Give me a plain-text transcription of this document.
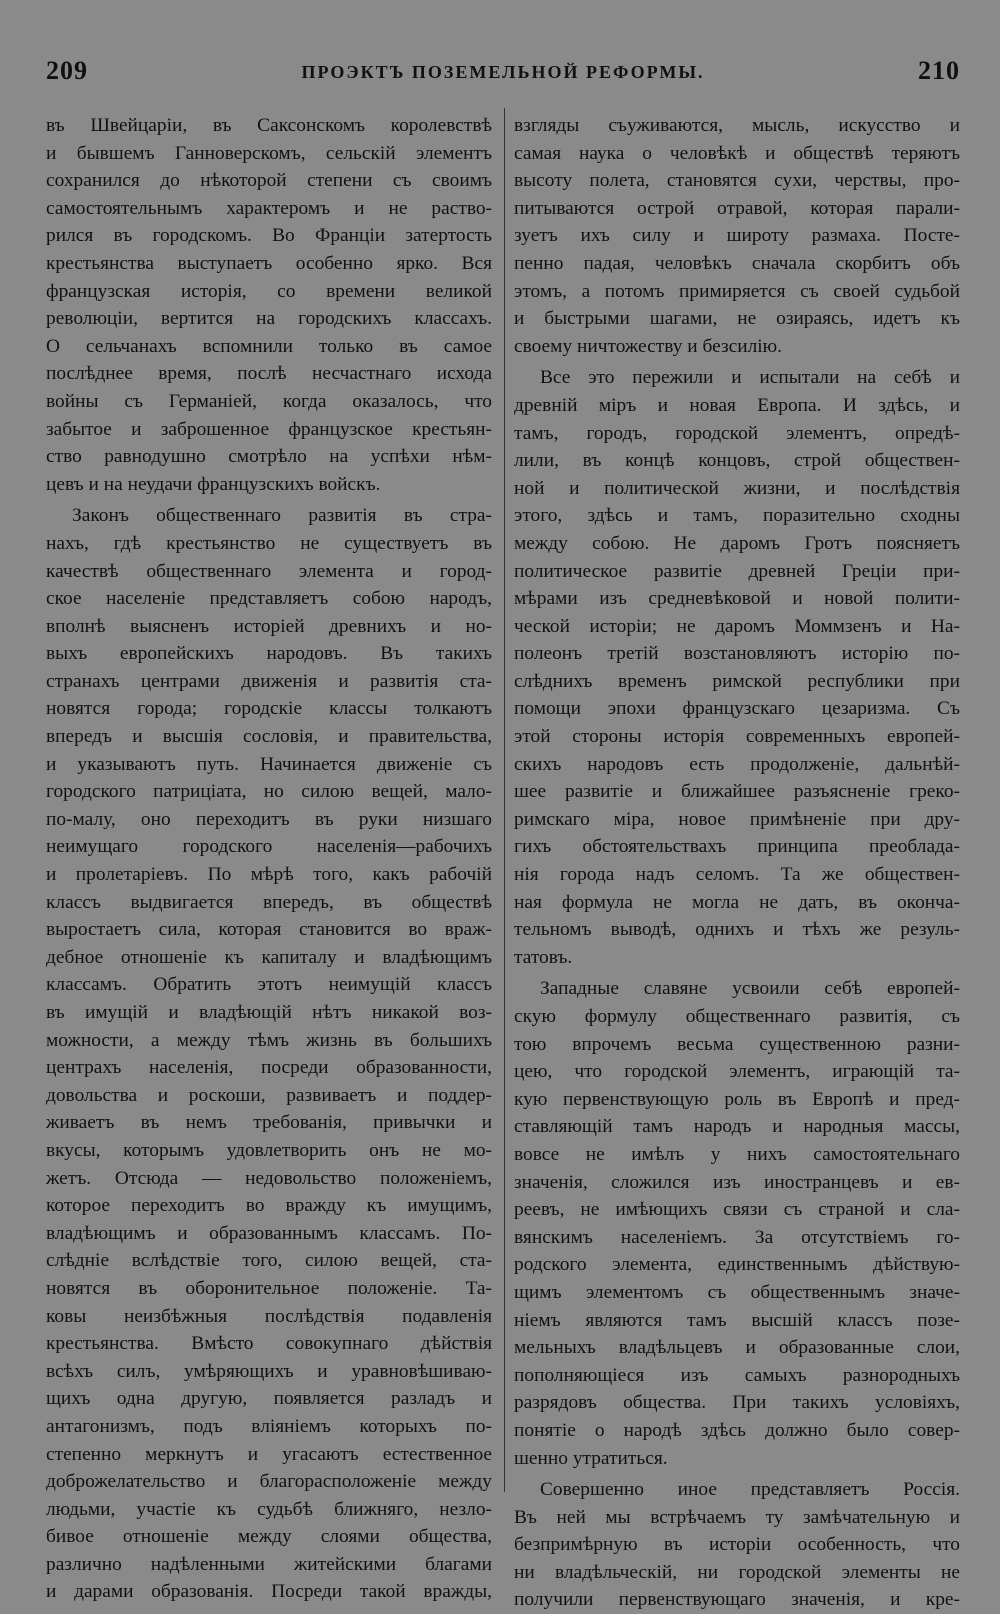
209	ПРОЭКТЪ ПОЗЕМЕЛЬНОЙ РЕФОРМЫ.	210

въ Швейцаріи, въ Саксонскомъ королевствѣ

и бывшемъ Ганноверскомъ, сельскій элементъ

сохранился до нѣкоторой степени съ своимъ

самостоятельнымъ характеромъ и не раство-

рился въ городскомъ. Во Франціи затертость

крестьянства выступаетъ особенно ярко. Вся

французская исторія, со времени великой

революціи, вертится на городскихъ классахъ.

О сельчанахъ вспомнили только въ самое

послѣднее время, послѣ несчастнаго исхода

войны съ Германіей, когда оказалось, что

забытое и заброшенное французское крестьян-

ство равнодушно смотрѣло на успѣхи нѣм-

цевъ и на неудачи французскихъ войскъ.

Законъ общественнаго развитія въ стра-

нахъ, гдѣ крестьянство не существуетъ въ

качествѣ общественнаго элемента и город-

ское населеніе представляетъ собою народъ,

вполнѣ выясненъ исторіей древнихъ и но-

выхъ европейскихъ народовъ. Въ такихъ

странахъ центрами движенія и развитія ста-

новятся города; городскіе классы толкаютъ

впередъ и высшія сословія, и правительства,

и указываютъ путь. Начинается движеніе съ

городского патриціата, но силою вещей, мало-

по-малу, оно переходитъ въ руки низшаго

неимущаго городского населенія—рабочихъ

и пролетаріевъ. По мѣрѣ того, какъ рабочій

классъ выдвигается впередъ, въ обществѣ

выростаетъ сила, которая становится во враж-

дебное отношеніе къ капиталу и владѣющимъ

классамъ. Обратить этотъ неимущій классъ

въ имущій и владѣющій нѣтъ никакой воз-

можности, а между тѣмъ жизнь въ большихъ

центрахъ населенія, посреди образованности,

довольства и роскоши, развиваетъ и поддер-

живаетъ въ немъ требованія, привычки и

вкусы, которымъ удовлетворить онъ не мо-

жетъ. Отсюда — недовольство положеніемъ,

которое переходитъ во вражду къ имущимъ,

владѣющимъ и образованнымъ классамъ. По-

слѣдніе вслѣдствіе того, силою вещей, ста-

новятся въ оборонительное положеніе. Та-

ковы неизбѣжныя послѣдствія подавленія

крестьянства. Вмѣсто совокупнаго дѣйствія

всѣхъ силъ, умѣряющихъ и уравновѣшиваю-

щихъ одна другую, появляется разладъ и

антагонизмъ, подъ вліяніемъ которыхъ по-

степенно меркнутъ и угасаютъ естественное

доброжелательство и благорасположеніе между

людьми, участіе къ судьбѣ ближняго, незло-

бивое отношеніе между слоями общества,

различно надѣленными житейскими благами

и дарами образованія. Посреди такой вражды,

взгляды съуживаются, мысль, искусство и

самая наука о человѣкѣ и обществѣ теряютъ

высоту полета, становятся сухи, черствы, про-

питываются острой отравой, которая парали-

зуетъ ихъ силу и широту размаха. Посте-

пенно падая, человѣкъ сначала скорбитъ объ

этомъ, а потомъ примиряется съ своей судьбой

и быстрыми шагами, не озираясь, идетъ къ

своему ничтожеству и безсилію.

Все это пережили и испытали на себѣ и

древній міръ и новая Европа. И здѣсь, и

тамъ, городъ, городской элементъ, опредѣ-

лили, въ концѣ концовъ, строй обществен-

ной и политической жизни, и послѣдствія

этого, здѣсь и тамъ, поразительно сходны

между собою. Не даромъ Гротъ поясняетъ

политическое развитіе древней Греціи при-

мѣрами изъ средневѣковой и новой полити-

ческой исторіи; не даромъ Моммзенъ и На-

полеонъ третій возстановляютъ исторію по-

слѣднихъ временъ римской республики при

помощи эпохи французскаго цезаризма. Съ

этой стороны исторія современныхъ европей-

скихъ народовъ есть продолженіе, дальнѣй-

шее развитіе и ближайшее разъясненіе греко-

римскаго міра, новое примѣненіе при дру-

гихъ обстоятельствахъ принципа преоблада-

нія города надъ селомъ. Та же обществен-

ная формула не могла не дать, въ оконча-

тельномъ выводѣ, однихъ и тѣхъ же резуль-

татовъ.

Западные славяне усвоили себѣ европей-

скую формулу общественнаго развитія, съ

тою впрочемъ весьма существенною разни-

цею, что городской элементъ, играющій та-

кую первенствующую роль въ Европѣ и пред-

ставляющій тамъ народъ и народныя массы,

вовсе не имѣлъ у нихъ самостоятельнаго

значенія, сложился изъ иностранцевъ и ев-

реевъ, не имѣющихъ связи съ страной и сла-

вянскимъ населеніемъ. За отсутствіемъ го-

родского элемента, единственнымъ дѣйствую-

щимъ элементомъ съ общественнымъ значе-

ніемъ являются тамъ высшій классъ позе-

мельныхъ владѣльцевъ и образованные слои,

пополняющіеся изъ самыхъ разнородныхъ

разрядовъ общества. При такихъ условіяхъ,

понятіе о народѣ здѣсь должно было совер-

шенно утратиться.

Совершенно иное представляетъ Россія.

Въ ней мы встрѣчаемъ ту замѣчательную и

безпримѣрную въ исторіи особенность, что

ни владѣльческій, ни городской элементы не

получили первенствующаго значенія, и кре-
